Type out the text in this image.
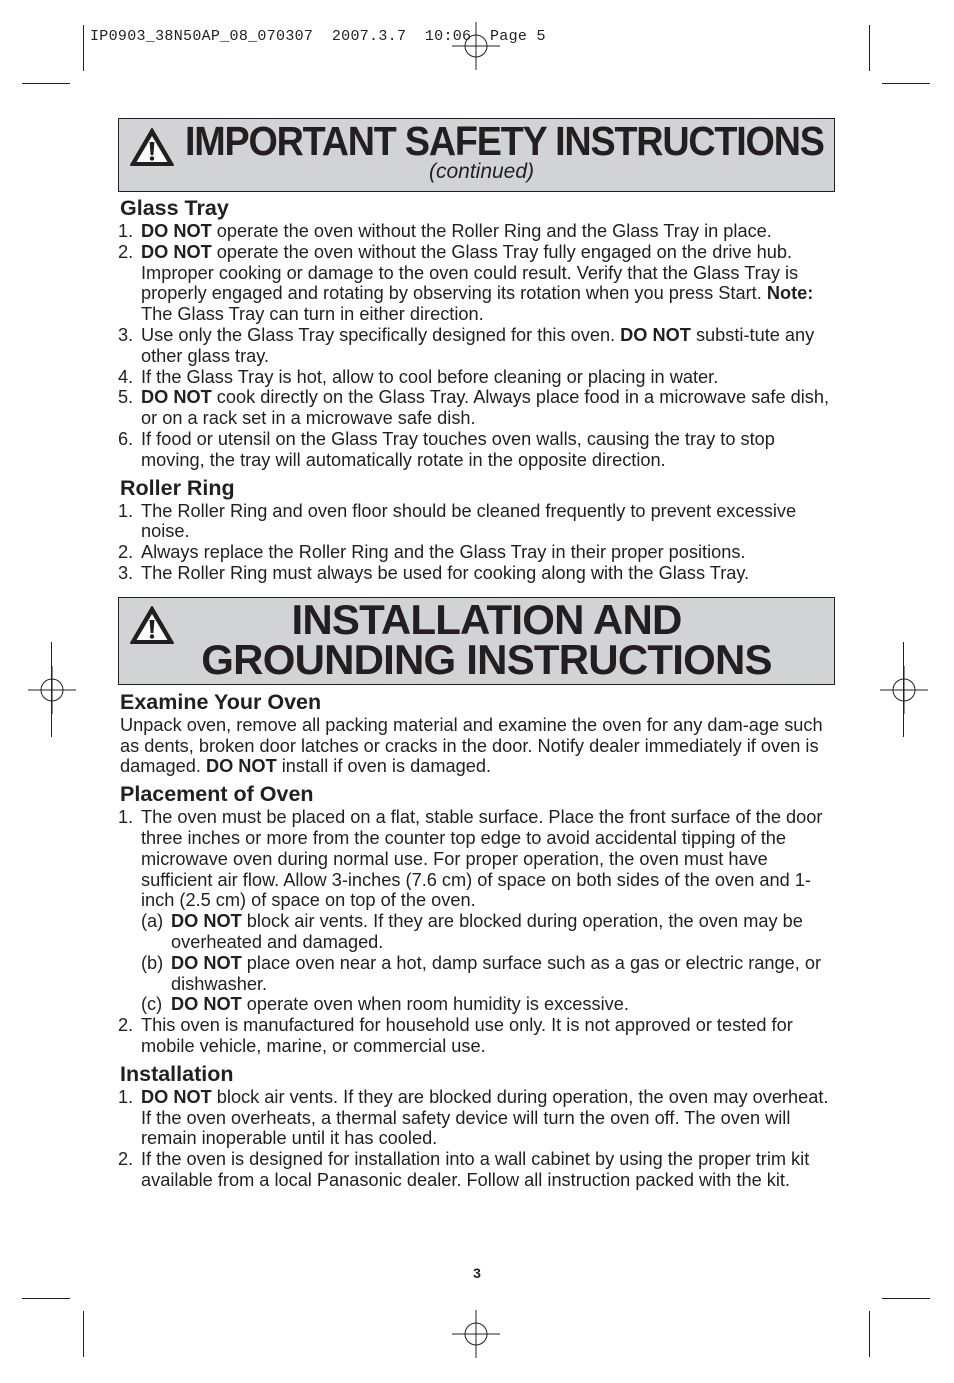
IP0903_38N50AP_08_070307  2007.3.7  10:06  Page 5
IMPORTANT SAFETY INSTRUCTIONS
(continued)
Glass Tray
1. DO NOT operate the oven without the Roller Ring and the Glass Tray in place.
2. DO NOT operate the oven without the Glass Tray fully engaged on the drive hub. Improper cooking or damage to the oven could result. Verify that the Glass Tray is properly engaged and rotating by observing its rotation when you press Start. Note: The Glass Tray can turn in either direction.
3. Use only the Glass Tray specifically designed for this oven. DO NOT substi-tute any other glass tray.
4. If the Glass Tray is hot, allow to cool before cleaning or placing in water.
5. DO NOT cook directly on the Glass Tray. Always place food in a microwave safe dish, or on a rack set in a microwave safe dish.
6. If food or utensil on the Glass Tray touches oven walls, causing the tray to stop moving, the tray will automatically rotate in the opposite direction.
Roller Ring
1. The Roller Ring and oven floor should be cleaned frequently to prevent excessive noise.
2. Always replace the Roller Ring and the Glass Tray in their proper positions.
3. The Roller Ring must always be used for cooking along with the Glass Tray.
INSTALLATION AND
GROUNDING INSTRUCTIONS
Examine Your Oven

Unpack oven, remove all packing material and examine the oven for any dam-age such as dents, broken door latches or cracks in the door. Notify dealer immediately if oven is damaged. DO NOT install if oven is damaged.

Placement of Oven
1. The oven must be placed on a flat, stable surface. Place the front surface of the door three inches or more from the counter top edge to avoid accidental tipping of the microwave oven during normal use. For proper operation, the oven must have sufficient air flow. Allow 3-inches (7.6 cm) of space on both sides of the oven and 1-inch (2.5 cm) of space on top of the oven.
(a) DO NOT block air vents. If they are blocked during operation, the oven may be overheated and damaged.
(b) DO NOT place oven near a hot, damp surface such as a gas or electric range, or dishwasher.
(c) DO NOT operate oven when room humidity is excessive.
2. This oven is manufactured for household use only. It is not approved or tested for mobile vehicle, marine, or commercial use.
Installation
1. DO NOT block air vents. If they are blocked during operation, the oven may overheat. If the oven overheats, a thermal safety device will turn the oven off. The oven will remain inoperable until it has cooled.
2. If the oven is designed for installation into a wall cabinet by using the proper trim kit available from a local Panasonic dealer. Follow all instruction packed with the kit.
3
